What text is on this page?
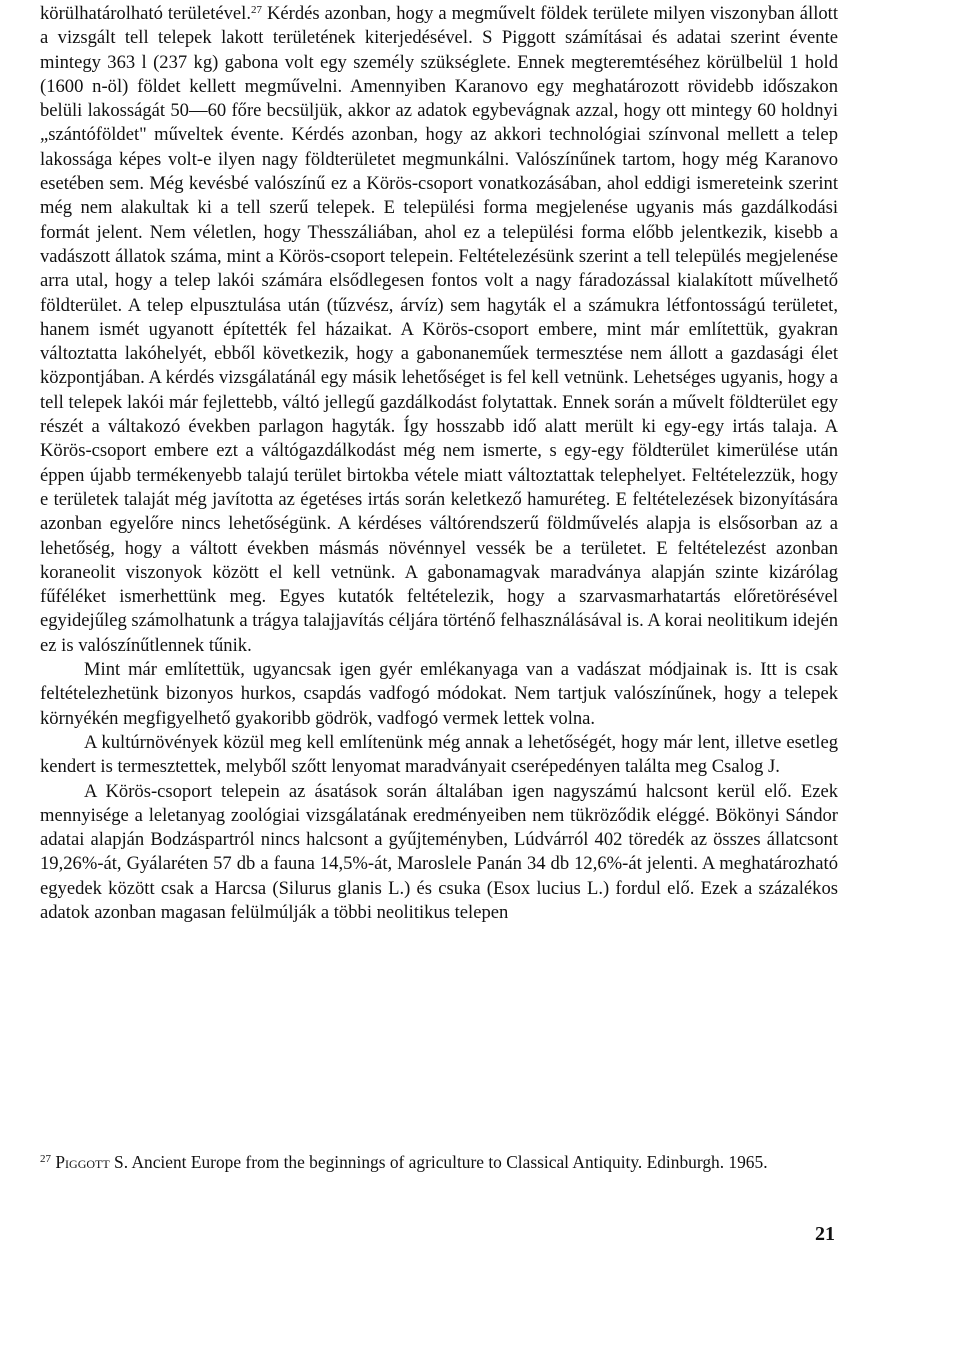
körülhatárolható területével.$^{27}$ Kérdés azonban, hogy a megművelt földek területe milyen viszonyban állott a vizsgált tell telepek lakott területének kiterjedésével. S Piggott számításai és adatai szerint évente mintegy 363 l (237 kg) gabona volt egy személy szükséglete. Ennek megteremtéséhez körülbelül 1 hold (1600 n-öl) földet kellett megművelni. Amennyiben Karanovo egy meghatározott rövidebb időszakon belüli lakosságát 50—60 főre becsüljük, akkor az adatok egybevágnak azzal, hogy ott mintegy 60 holdnyi „szántóföldet" műveltek évente. Kérdés azonban, hogy az akkori technológiai színvonal mellett a telep lakossága képes volt-e ilyen nagy földterületet megmunkálni. Valószínűnek tartom, hogy még Karanovo esetében sem. Még kevésbé valószínű ez a Körös-csoport vonatkozásában, ahol eddigi ismereteink szerint még nem alakultak ki a tell szerű telepek. E települési forma megjelenése ugyanis más gazdálkodási formát jelent. Nem véletlen, hogy Thesszáliában, ahol ez a települési forma előbb jelentkezik, kisebb a vadászott állatok száma, mint a Körös-csoport telepein. Feltételezésünk szerint a tell település megjelenése arra utal, hogy a telep lakói számára elsődlegesen fontos volt a nagy fáradozással kialakított művelhető földterület. A telep elpusztulása után (tűzvész, árvíz) sem hagyták el a számukra létfontosságú területet, hanem ismét ugyanott építették fel házaikat. A Körös-csoport embere, mint már említettük, gyakran változtatta lakóhelyét, ebből következik, hogy a gabonaneműek termesztése nem állott a gazdasági élet központjában. A kérdés vizsgálatánál egy másik lehetőséget is fel kell vetnünk. Lehetséges ugyanis, hogy a tell telepek lakói már fejlettebb, váltó jellegű gazdálkodást folytattak. Ennek során a művelt földterület egy részét a váltakozó években parlagon hagyták. Így hosszabb idő alatt merült ki egy-egy irtás talaja. A Körös-csoport embere ezt a váltógazdálkodást még nem ismerte, s egy-egy földterület kimerülése után éppen újabb termékenyebb talajú terület birtokba vétele miatt változtattak telephelyet. Feltételezzük, hogy e területek talaját még javította az égetéses irtás során keletkező hamuréteg. E feltételezések bizonyítására azonban egyelőre nincs lehetőségünk. A kérdéses váltórendszerű földművelés alapja is elsősorban az a lehetőség, hogy a váltott években másmás növénnyel vessék be a területet. E feltételezést azonban koraneolit viszonyok között el kell vetnünk. A gabonamagvak maradványa alapján szinte kizárólag fűféléket ismerhettünk meg. Egyes kutatók feltételezik, hogy a szarvasmarhatartás előretörésével egyidejűleg számolhatunk a trágya talajjavítás céljára történő felhasználásával is. A korai neolitikum idején ez is valószínűtlennek tűnik.

Mint már említettük, ugyancsak igen gyér emlékanyaga van a vadászat módjainak is. Itt is csak feltételezhetünk bizonyos hurkos, csapdás vadfogó módokat. Nem tartjuk valószínűnek, hogy a telepek környékén megfigyelhető gyakoribb gödrök, vadfogó vermek lettek volna.

A kultúrnövények közül meg kell említenünk még annak a lehetőségét, hogy már lent, illetve esetleg kendert is termesztettek, melyből szőtt lenyomat maradványait cserépedényen találta meg Csalog J.

A Körös-csoport telepein az ásatások során általában igen nagyszámú halcsont kerül elő. Ezek mennyisége a leletanyag zoológiai vizsgálatának eredményeiben nem tükröződik eléggé. Bökönyi Sándor adatai alapján Bodzáspartról nincs halcsont a gyűjteményben, Lúdvárról 402 töredék az összes állatcsont 19,26%-át, Gyálaréten 57 db a fauna 14,5%-át, Maroslele Panán 34 db 12,6%-át jelenti. A meghatározható egyedek között csak a Harcsa (Silurus glanis L.) és csuka (Esox lucius L.) fordul elő. Ezek a százalékos adatok azonban magasan felülmúlják a többi neolitikus telepen

$^{27}$ Piggott S. Ancient Europe from the beginnings of agriculture to Classical Antiquity. Edinburgh. 1965.
21
